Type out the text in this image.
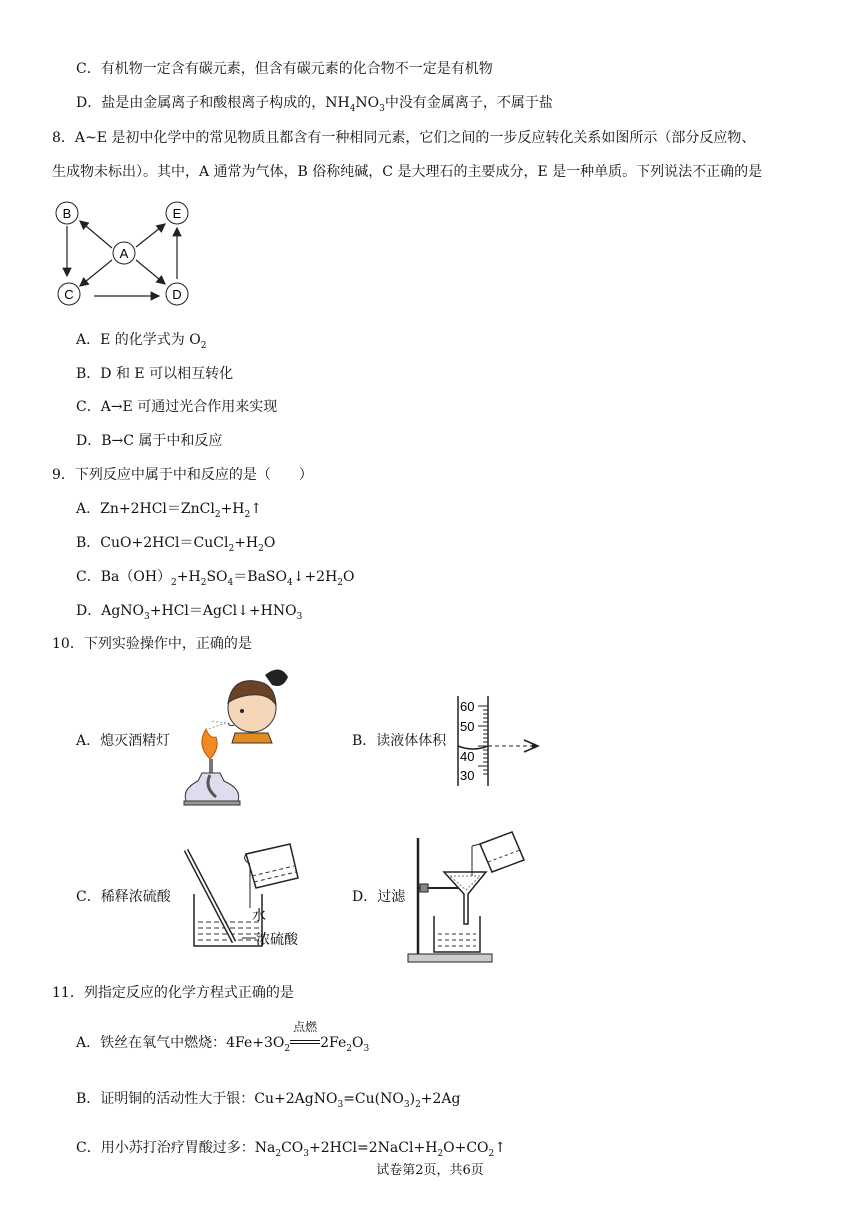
C．有机物一定含有碳元素，但含有碳元素的化合物不一定是有机物
D．盐是由金属离子和酸根离子构成的，$NH_4NO_3$中没有金属离子，不属于盐
8．A~E 是初中化学中的常见物质且都含有一种相同元素，它们之间的一步反应转化关系如图所示（部分反应物、
生成物未标出）。其中，A 通常为气体，B 俗称纯碱，C 是大理石的主要成分，E 是一种单质。下列说法不正确的是
B	E
A
C	D
A．E 的化学式为 $O_2$
B．D 和 E 可以相互转化
C．A→E 可通过光合作用来实现
D．B→C 属于中和反应
9．下列反应中属于中和反应的是（　　）
A．$Zn+2HCl=ZnCl_2+H_2↑$
B．$CuO+2HCl=CuCl_2+H_2O$
C．$Ba(OH)_2+H_2SO_4=BaSO_4↓+2H_2O$
D．$AgNO_3+HCl=AgCl↓+HNO_3$
10．下列实验操作中，正确的是
A．熄灭酒精灯	B．读液体体积
60
50
40
30
C．稀释浓硫酸
水
浓硫酸
D．过滤
11．列指定反应的化学方程式正确的是
A．铁丝在氧气中燃烧：$4Fe+3O_2$
点燃
$2Fe_2O_3$
B．证明铜的活动性大于银：$Cu+2AgNO_3=Cu(NO_3)_2+2Ag$
C．用小苏打治疗胃酸过多：$Na_2CO_3+2HCl=2NaCl+H_2O+CO_2↑$
试卷第2页，共6页
